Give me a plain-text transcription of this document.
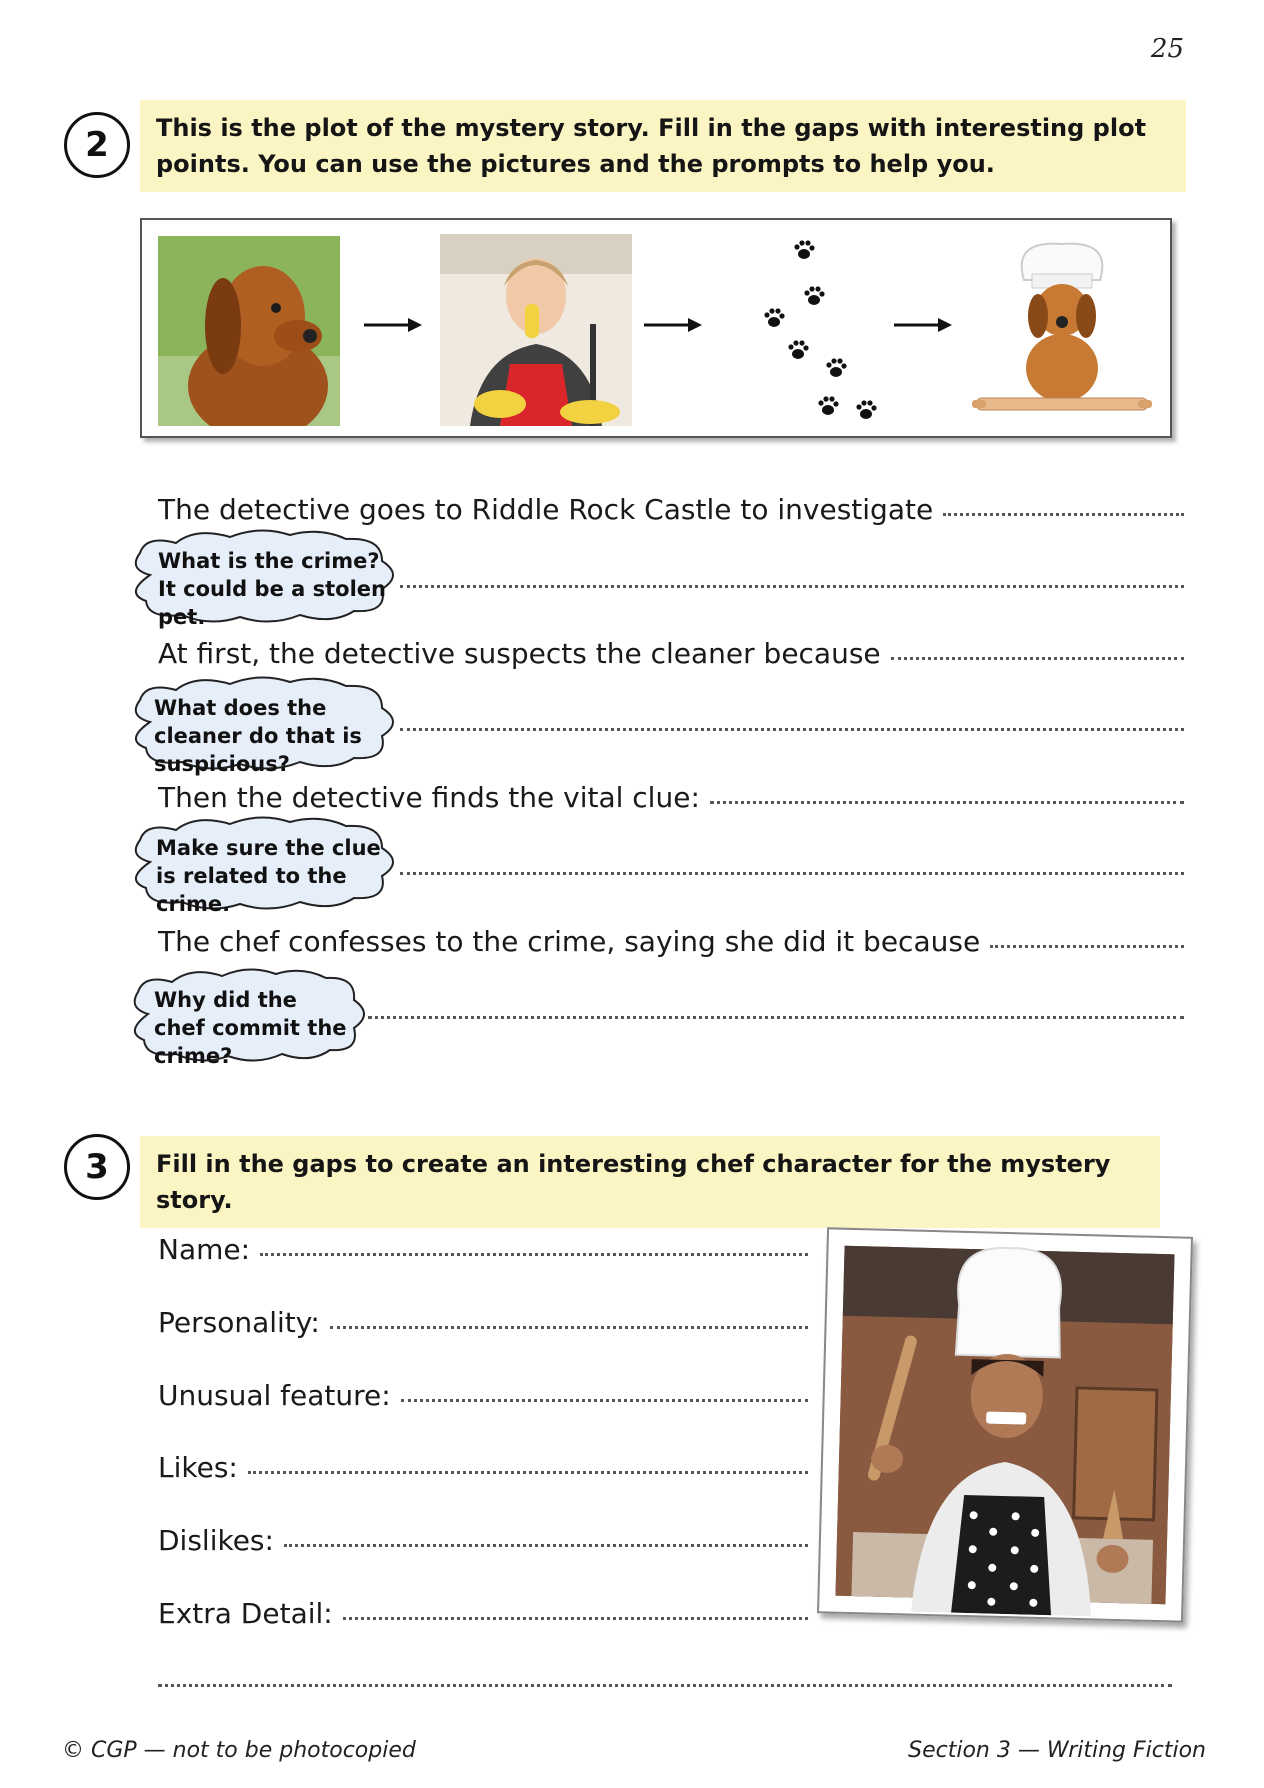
25
2	This is the plot of the mystery story. Fill in the gaps with interesting plot points. You can use the pictures and the prompts to help you.
The detective goes to Riddle Rock Castle to investigate
What is the crime? It could be a stolen pet.
At first, the detective suspects the cleaner because
What does the cleaner do that is suspicious?
Then the detective finds the vital clue:
Make sure the clue is related to the crime.
The chef confesses to the crime, saying she did it because
Why did the chef commit the crime?
3	Fill in the gaps to create an interesting chef character for the mystery story.
Name:
Personality:
Unusual feature:
Likes:
Dislikes:
Extra Detail:
© CGP — not to be photocopied	Section 3 — Writing Fiction
